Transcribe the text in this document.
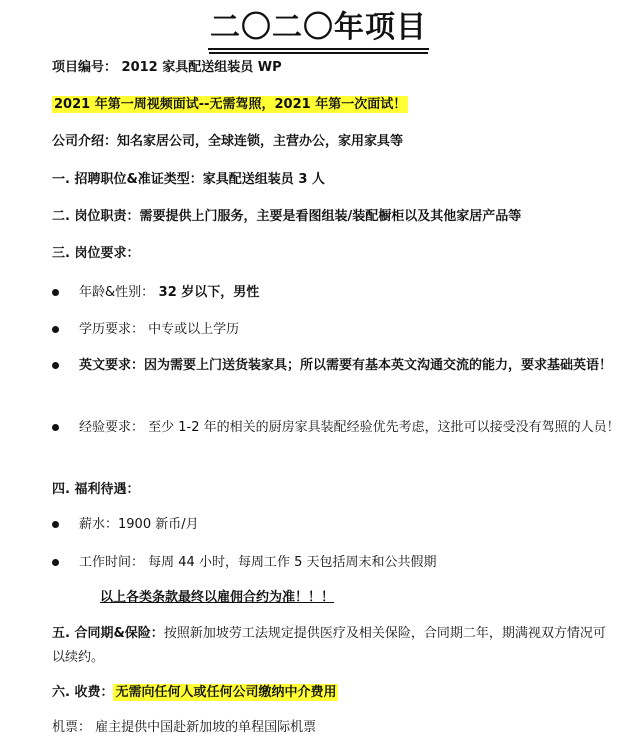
二〇二〇年项目
项目编号： 2012 家具配送组装员 WP
2021 年第一周视频面试--无需驾照，2021 年第一次面试！
公司介绍：知名家居公司，全球连锁，主营办公，家用家具等
一. 招聘职位&准证类型：家具配送组装员 3 人
二. 岗位职责：需要提供上门服务，主要是看图组装/装配橱柜以及其他家居产品等
三. 岗位要求：
年龄&性别： 32 岁以下，男性
学历要求： 中专或以上学历
英文要求：因为需要上门送货装家具；所以需要有基本英文沟通交流的能力，要求基础英语！
经验要求： 至少 1-2 年的相关的厨房家具装配经验优先考虑，这批可以接受没有驾照的人员！
四. 福利待遇：
薪水：1900 新币/月
工作时间： 每周 44 小时，每周工作 5 天包括周末和公共假期
以上各类条款最终以雇佣合约为准！！！
五. 合同期&保险：按照新加坡劳工法规定提供医疗及相关保险，合同期二年，期满视双方情况可以续约。
六. 收费： 无需向任何人或任何公司缴纳中介费用
机票： 雇主提供中国赴新加坡的单程国际机票
